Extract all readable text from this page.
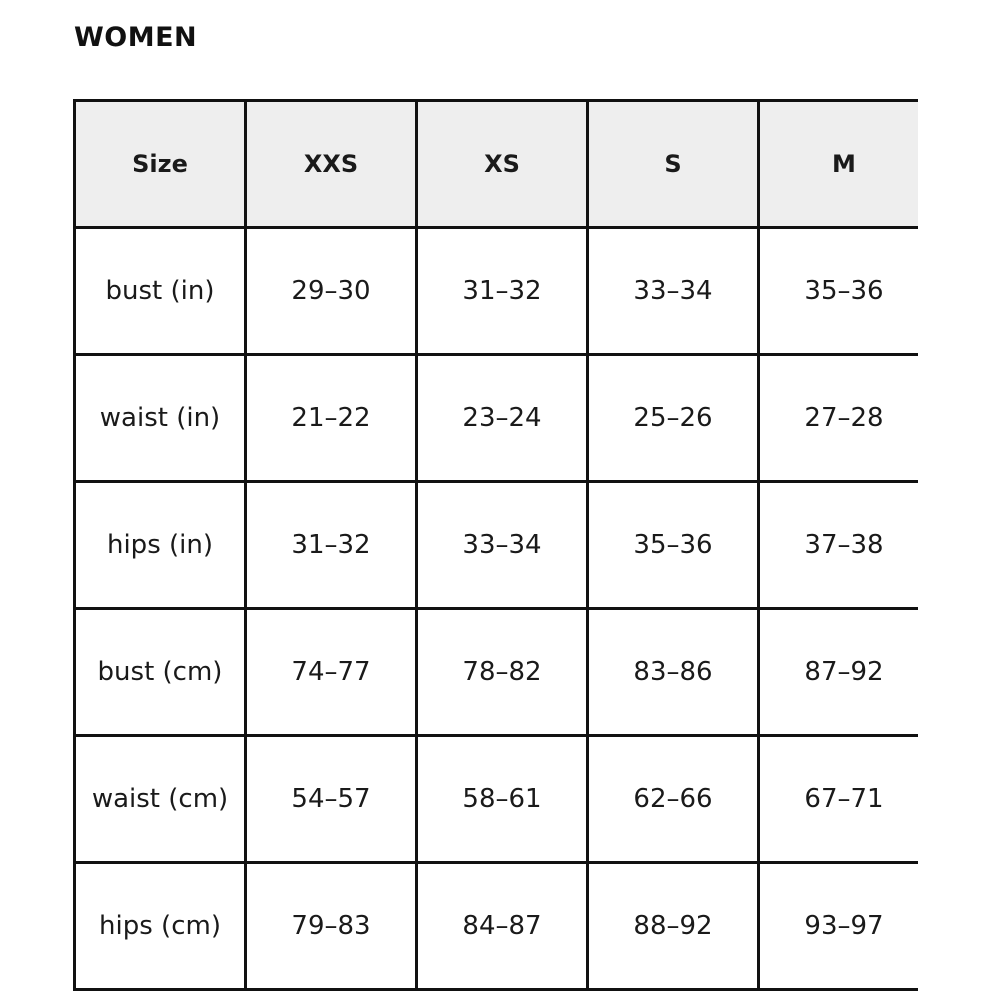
WOMEN
Size	XXS	XS	S	M
bust (in)	29–30	31–32	33–34	35–36
waist (in)	21–22	23–24	25–26	27–28
hips (in)	31–32	33–34	35–36	37–38
bust (cm)	74–77	78–82	83–86	87–92
waist (cm)	54–57	58–61	62–66	67–71
hips (cm)	79–83	84–87	88–92	93–97
